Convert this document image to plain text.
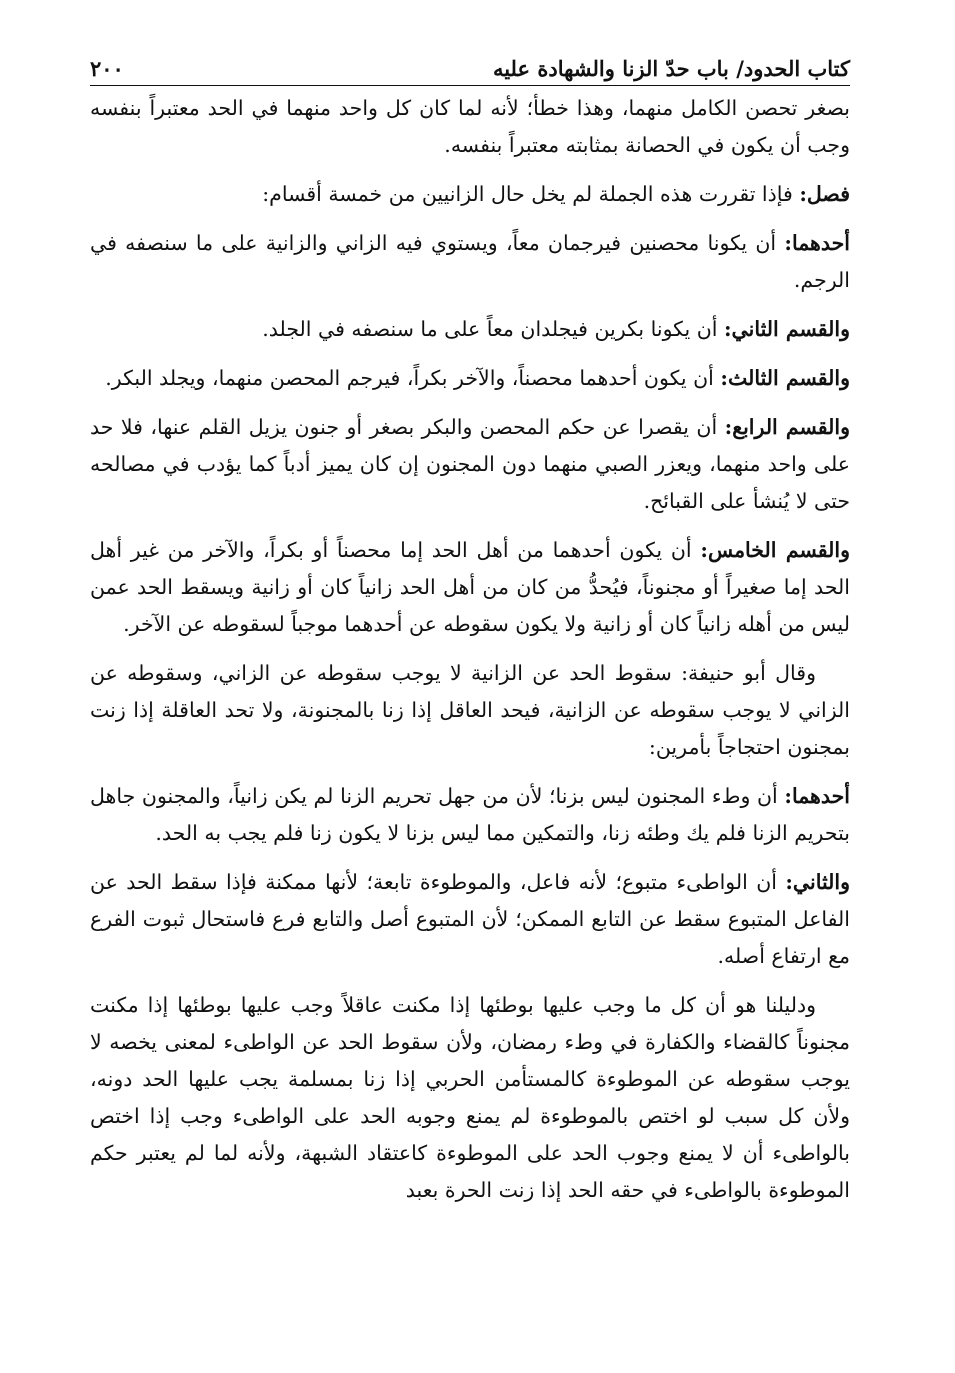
كتاب الحدود/ باب حدّ الزنا والشهادة عليه
٢٠٠

بصغر تحصن الكامل منهما، وهذا خطأ؛ لأنه لما كان كل واحد منهما في الحد معتبراً بنفسه وجب أن يكون في الحصانة بمثابته معتبراً بنفسه.

فصل: فإذا تقررت هذه الجملة لم يخل حال الزانيين من خمسة أقسام:

أحدهما: أن يكونا محصنين فيرجمان معاً، ويستوي فيه الزاني والزانية على ما سنصفه في الرجم.

والقسم الثاني: أن يكونا بكرين فيجلدان معاً على ما سنصفه في الجلد.

والقسم الثالث: أن يكون أحدهما محصناً، والآخر بكراً، فيرجم المحصن منهما، ويجلد البكر.

والقسم الرابع: أن يقصرا عن حكم المحصن والبكر بصغر أو جنون يزيل القلم عنها، فلا حد على واحد منهما، ويعزر الصبي منهما دون المجنون إن كان يميز أدباً كما يؤدب في مصالحه حتى لا يُنشأ على القبائح.

والقسم الخامس: أن يكون أحدهما من أهل الحد إما محصناً أو بكراً، والآخر من غير أهل الحد إما صغيراً أو مجنوناً، فيُحدُّ من كان من أهل الحد زانياً كان أو زانية ويسقط الحد عمن ليس من أهله زانياً كان أو زانية ولا يكون سقوطه عن أحدهما موجباً لسقوطه عن الآخر.

وقال أبو حنيفة: سقوط الحد عن الزانية لا يوجب سقوطه عن الزاني، وسقوطه عن الزاني لا يوجب سقوطه عن الزانية، فيحد العاقل إذا زنا بالمجنونة، ولا تحد العاقلة إذا زنت بمجنون احتجاجاً بأمرين:

أحدهما: أن وطء المجنون ليس بزنا؛ لأن من جهل تحريم الزنا لم يكن زانياً، والمجنون جاهل بتحريم الزنا فلم يك وطئه زنا، والتمكين مما ليس بزنا لا يكون زنا فلم يجب به الحد.

والثاني: أن الواطىء متبوع؛ لأنه فاعل، والموطوءة تابعة؛ لأنها ممكنة فإذا سقط الحد عن الفاعل المتبوع سقط عن التابع الممكن؛ لأن المتبوع أصل والتابع فرع فاستحال ثبوت الفرع مع ارتفاع أصله.

ودليلنا هو أن كل ما وجب عليها بوطئها إذا مكنت عاقلاً وجب عليها بوطئها إذا مكنت مجنوناً كالقضاء والكفارة في وطء رمضان، ولأن سقوط الحد عن الواطىء لمعنى يخصه لا يوجب سقوطه عن الموطوءة كالمستأمن الحربي إذا زنا بمسلمة يجب عليها الحد دونه، ولأن كل سبب لو اختص بالموطوءة لم يمنع وجوبه الحد على الواطىء وجب إذا اختص بالواطىء أن لا يمنع وجوب الحد على الموطوءة كاعتقاد الشبهة، ولأنه لما لم يعتبر حكم الموطوءة بالواطىء في حقه الحد إذا زنت الحرة بعبد
